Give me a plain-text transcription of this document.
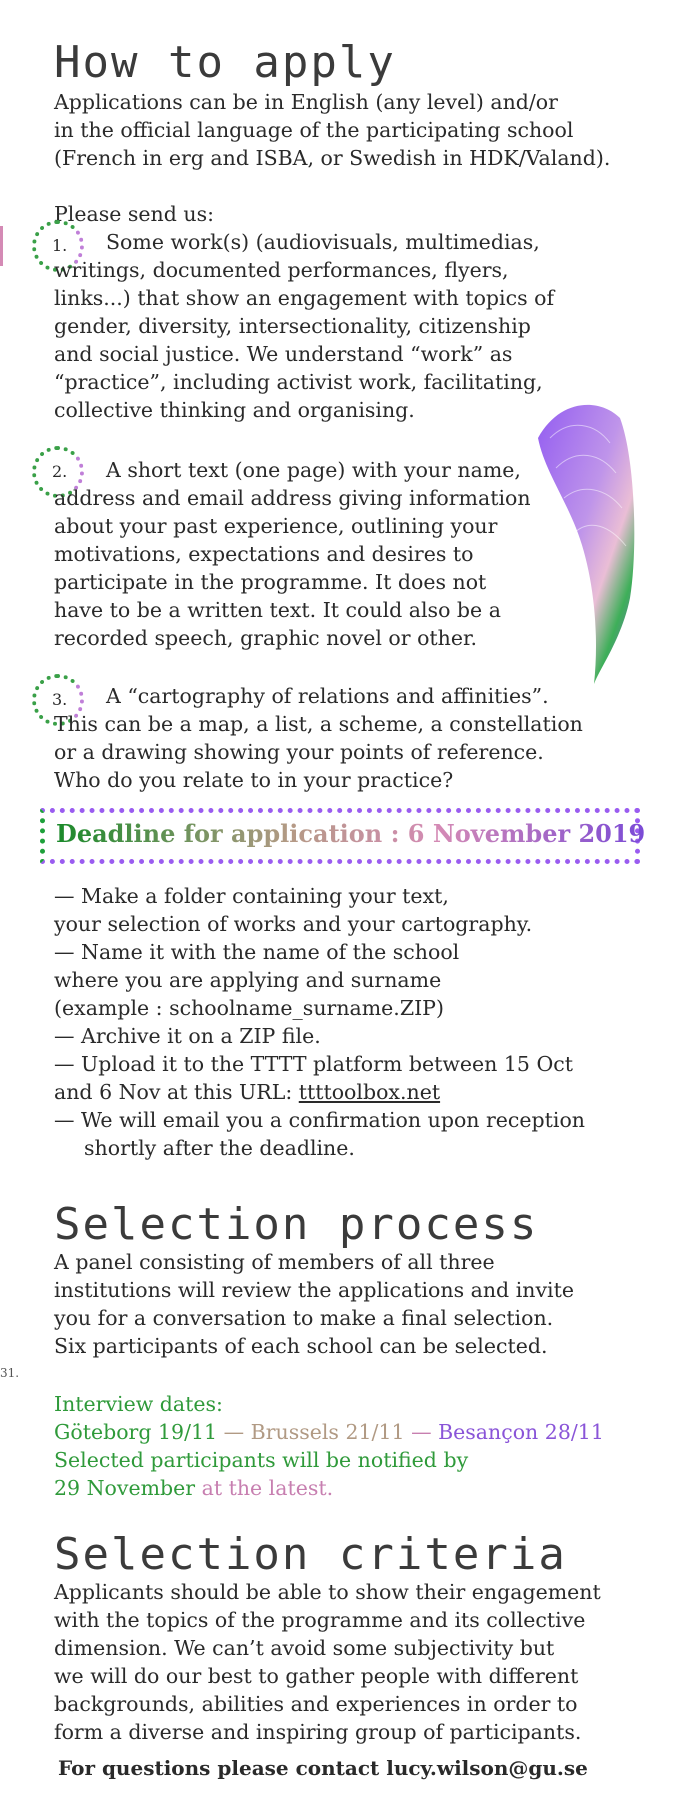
How to apply
Applications can be in English (any level) and/or
in the official language of the participating school
(French in erg and ISBA, or Swedish in HDK/Valand).
Please send us:
1.	Some work(s) (audiovisuals, multimedias,
writings, documented performances, flyers,
links...) that show an engagement with topics of
gender, diversity, intersectionality, citizenship
and social justice. We understand “work” as
“practice”, including activist work, facilitating,
collective thinking and organising.
2.	A short text (one page) with your name,
address and email address giving information
about your past experience, outlining your
motivations, expectations and desires to
participate in the programme. It does not
have to be a written text. It could also be a
recorded speech, graphic novel or other.
3.	A “cartography of relations and affinities”.
This can be a map, a list, a scheme, a constellation
or a drawing showing your points of reference.
Who do you relate to in your practice?
Deadline for application : 6 November 2019
— Make a folder containing your text,
your selection of works and your cartography.
— Name it with the name of the school
where you are applying and surname
(example : schoolname_surname.ZIP)
— Archive it on a ZIP file.
— Upload it to the TTTT platform between 15 Oct
and 6 Nov at this URL: ttttoolbox.net
— We will email you a confirmation upon reception
shortly after the deadline.
Selection process
A panel consisting of members of all three
institutions will review the applications and invite
you for a conversation to make a final selection.
Six participants of each school can be selected.
31.
Interview dates:
Göteborg 19/11 — Brussels 21/11 — Besançon 28/11
Selected participants will be notified by
29 November at the latest.
Selection criteria
Applicants should be able to show their engagement
with the topics of the programme and its collective
dimension. We can’t avoid some subjectivity but
we will do our best to gather people with different
backgrounds, abilities and experiences in order to
form a diverse and inspiring group of participants.
For questions please contact lucy.wilson@gu.se
